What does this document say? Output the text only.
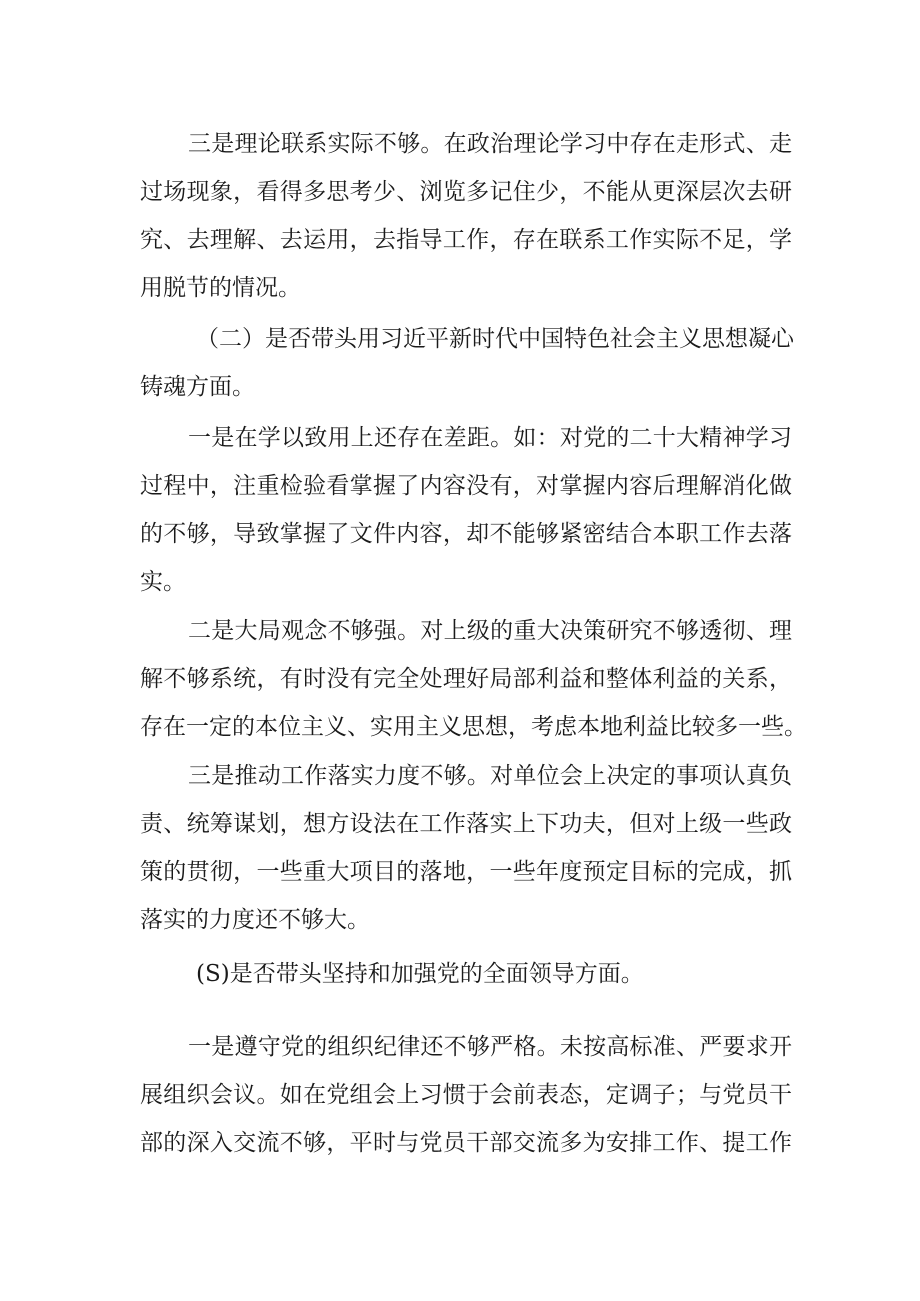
三是理论联系实际不够。在政治理论学习中存在走形式、走
过场现象，看得多思考少、浏览多记住少，不能从更深层次去研
究、去理解、去运用，去指导工作，存在联系工作实际不足，学
用脱节的情况。
（二）是否带头用习近平新时代中国特色社会主义思想凝心
铸魂方面。
一是在学以致用上还存在差距。如：对党的二十大精神学习
过程中，注重检验看掌握了内容没有，对掌握内容后理解消化做
的不够，导致掌握了文件内容，却不能够紧密结合本职工作去落
实。
二是大局观念不够强。对上级的重大决策研究不够透彻、理
解不够系统，有时没有完全处理好局部利益和整体利益的关系，
存在一定的本位主义、实用主义思想，考虑本地利益比较多一些。
三是推动工作落实力度不够。对单位会上决定的事项认真负
责、统筹谋划，想方设法在工作落实上下功夫，但对上级一些政
策的贯彻，一些重大项目的落地，一些年度预定目标的完成，抓
落实的力度还不够大。
(S)是否带头坚持和加强党的全面领导方面。
一是遵守党的组织纪律还不够严格。未按高标准、严要求开
展组织会议。如在党组会上习惯于会前表态，定调子；与党员干
部的深入交流不够，平时与党员干部交流多为安排工作、提工作
